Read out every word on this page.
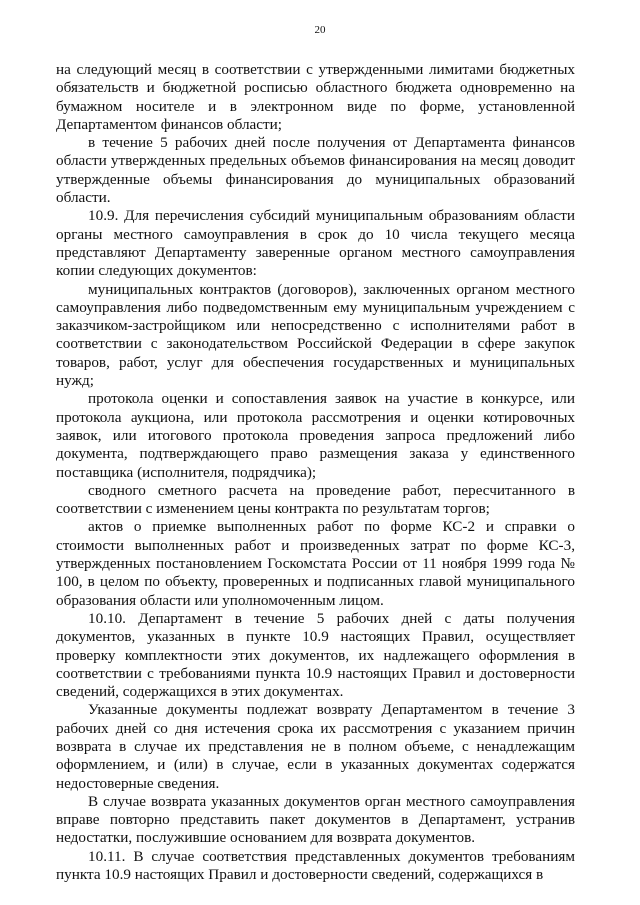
20

на следующий месяц в соответствии с утвержденными лимитами бюджетных обязательств и бюджетной росписью областного бюджета одновременно на бумажном носителе и в электронном виде по форме, установленной Департаментом финансов области;

в течение 5 рабочих дней после получения от Департамента финансов области утвержденных предельных объемов финансирования на месяц доводит утвержденные объемы финансирования до муниципальных образований области.

10.9. Для перечисления субсидий муниципальным образованиям области органы местного самоуправления в срок до 10 числа текущего месяца представляют Департаменту заверенные органом местного самоуправления копии следующих документов:

муниципальных контрактов (договоров), заключенных органом местного самоуправления либо подведомственным ему муниципальным учреждением с заказчиком-застройщиком или непосредственно с исполнителями работ в соответствии с законодательством Российской Федерации в сфере закупок товаров, работ, услуг для обеспечения государственных и муниципальных нужд;

протокола оценки и сопоставления заявок на участие в конкурсе, или протокола аукциона, или протокола рассмотрения и оценки котировочных заявок, или итогового протокола проведения запроса предложений либо документа, подтверждающего право размещения заказа у единственного поставщика (исполнителя, подрядчика);

сводного сметного расчета на проведение работ, пересчитанного в соответствии с изменением цены контракта по результатам торгов;

актов о приемке выполненных работ по форме КС-2 и справки о стоимости выполненных работ и произведенных затрат по форме КС-3, утвержденных постановлением Госкомстата России от 11 ноября 1999 года № 100, в целом по объекту, проверенных и подписанных главой муниципального образования области или уполномоченным лицом.

10.10. Департамент в течение 5 рабочих дней с даты получения документов, указанных в пункте 10.9 настоящих Правил, осуществляет проверку комплектности этих документов, их надлежащего оформления в соответствии с требованиями пункта 10.9 настоящих Правил и достоверности сведений, содержащихся в этих документах.

Указанные документы подлежат возврату Департаментом в течение 3 рабочих дней со дня истечения срока их рассмотрения с указанием причин возврата в случае их представления не в полном объеме, с ненадлежащим оформлением, и (или) в случае, если в указанных документах содержатся недостоверные сведения.

В случае возврата указанных документов орган местного самоуправления вправе повторно представить пакет документов в Департамент, устранив недостатки, послужившие основанием для возврата документов.

10.11. В случае соответствия представленных документов требованиям пункта 10.9 настоящих Правил и достоверности сведений, содержащихся в
